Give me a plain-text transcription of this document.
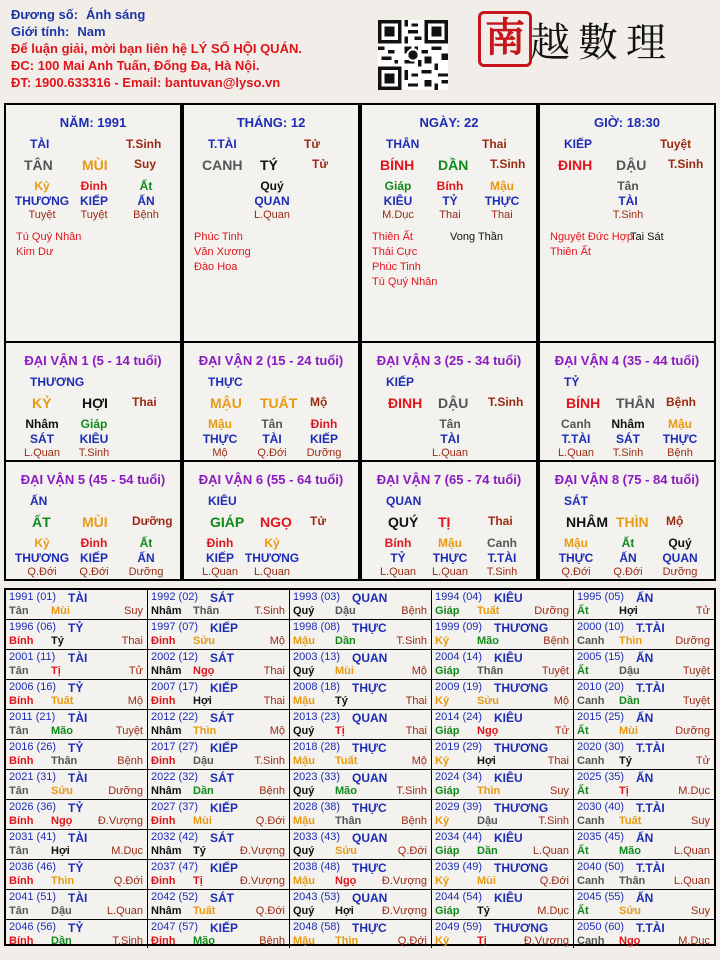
Đương số: Ánh sáng
Giới tính: Nam
Để luận giải, mời bạn liên hệ LÝ SỐ HỘI QUÁN.
ĐC: 100 Mai Anh Tuấn, Đống Đa, Hà Nội.
ĐT: 1900.633316 - Email: bantuvan@lyso.vn
南 越數理
NĂM: 1991
TÀI	T.Sinh
TÂN MÙI Suy
Kỷ	Đinh	Ất
THƯƠNG KIẾP ẤN
Tuyệt Tuyệt Bệnh
Tú Quý Nhân
Kim Dư
THÁNG: 12
T.TÀI	Tử
CANH TÝ	Tử
Quý
QUAN
L.Quan
Phúc Tinh
Văn Xương
Đào Hoa
NGÀY: 22
THÂN	Thai
BÍNH DẦN T.Sinh
Giáp Bính Mậu
KIÊU TỶ THỰC
M.Dục Thai	Thai
Thiên Ất
Thái Cực
Phúc Tinh
Tú Quý Nhân
Vong Thần
GIỜ: 18:30
KIẾP	Tuyệt
ĐINH DẬU T.Sinh
Tân
TÀI
T.Sinh
Nguyệt Đức Hợp
Thiên Ất
Tai Sát
ĐẠI VẬN 1 (5 - 14 tuổi)
THƯƠNG
KỶ HỢI Thai
Nhâm Giáp
SÁT KIÊU
L.Quan T.Sinh
ĐẠI VẬN 2 (15 - 24 tuổi)
THỰC
MẬU TUẤT Mộ
Mậu Tân Đinh
THỰC TÀI KIẾP
Mộ	Q.Đới Dưỡng
ĐẠI VẬN 3 (25 - 34 tuổi)
KIẾP
ĐINH DẬU T.Sinh
Tân
TÀI
L.Quan
ĐẠI VẬN 4 (35 - 44 tuổi)
TỶ
BÍNH THÂN Bệnh
Canh Nhâm Mậu
T.TÀI SÁT THỰC
L.Quan T.Sinh Bệnh
ĐẠI VẬN 5 (45 - 54 tuổi)
ẤN
ẤT MÙI Dưỡng
Kỷ	Đinh	Ất
THƯƠNG KIẾP ẤN
Q.Đới Q.Đới Dưỡng
ĐẠI VẬN 6 (55 - 64 tuổi)
KIÊU
GIÁP NGỌ Tử
Đinh	Kỷ
KIẾP THƯƠNG
L.Quan L.Quan
ĐẠI VẬN 7 (65 - 74 tuổi)
QUAN
QUÝ TỊ	Thai
Bính Mậu Canh
TỶ THỰC T.TÀI
L.Quan L.Quan T.Sinh
ĐẠI VẬN 8 (75 - 84 tuổi)
SÁT
NHÂM THÌN Mộ
Mậu	Ất	Quý
THỰC ẤN QUAN
Q.Đới Q.Đới Dưỡng
1991 (01) TÀI
Tân Mùi	Suy
1992 (02) SÁT
Nhâm Thân	T.Sinh
1993 (03) QUAN
Quý Dậu	Bệnh
1994 (04) KIÊU
Giáp Tuất	Dưỡng
1995 (05) ẤN
Ất	Hợi	Tử
1996 (06) TỶ
Bính Tý	Thai
1997 (07) KIẾP
Đinh Sửu	Mộ
1998 (08) THỰC
Mậu Dần	T.Sinh
1999 (09) THƯƠNG
Kỷ	Mão	Bệnh
2000 (10) T.TÀI
Canh Thìn	Dưỡng
2001 (11) TÀI
Tân Tị	Tử
2002 (12) SÁT
Nhâm Ngọ	Thai
2003 (13) QUAN
Quý Mùi	Mộ
2004 (14) KIÊU
Giáp Thân	Tuyệt
2005 (15) ẤN
Ất	Dậu	Tuyệt
2006 (16) TỶ
Bính Tuất	Mộ
2007 (17) KIẾP
Đinh Hợi	Thai
2008 (18) THỰC
Mậu Tý	Thai
2009 (19) THƯƠNG
Kỷ	Sửu	Mộ
2010 (20) T.TÀI
Canh Dần	Tuyệt
2011 (21) TÀI
Tân Mão	Tuyệt
2012 (22) SÁT
Nhâm Thìn	Mộ
2013 (23) QUAN
Quý Tị	Thai
2014 (24) KIÊU
Giáp Ngọ	Tử
2015 (25) ẤN
Ất	Mùi	Dưỡng
2016 (26) TỶ
Bính Thân	Bệnh
2017 (27) KIẾP
Đinh Dậu	T.Sinh
2018 (28) THỰC
Mậu Tuất	Mộ
2019 (29) THƯƠNG
Kỷ	Hợi	Thai
2020 (30) T.TÀI
Canh Tý	Tử
2021 (31) TÀI
Tân Sửu	Dưỡng
2022 (32) SÁT
Nhâm Dần	Bệnh
2023 (33) QUAN
Quý Mão	T.Sinh
2024 (34) KIÊU
Giáp Thìn	Suy
2025 (35) ẤN
Ất	Tị	M.Dục
2026 (36) TỶ
Bính Ngọ Đ.Vượng
2027 (37) KIẾP
Đinh Mùi	Q.Đới
2028 (38) THỰC
Mậu Thân	Bệnh
2029 (39) THƯƠNG
Kỷ	Dậu	T.Sinh
2030 (40) T.TÀI
Canh Tuất	Suy
2031 (41) TÀI
Tân Hợi	M.Dục
2032 (42) SÁT
Nhâm Tý	Đ.Vượng
2033 (43) QUAN
Quý Sửu	Q.Đới
2034 (44) KIÊU
Giáp Dần	L.Quan
2035 (45) ẤN
Ất	Mão	L.Quan
2036 (46) TỶ
Bính Thìn	Q.Đới
2037 (47) KIẾP
Đinh Tị	Đ.Vượng
2038 (48) THỰC
Mậu Ngọ Đ.Vượng
2039 (49) THƯƠNG
Kỷ	Mùi	Q.Đới
2040 (50) T.TÀI
Canh Thân	L.Quan
2041 (51) TÀI
Tân Dậu	L.Quan
2042 (52) SÁT
Nhâm Tuất	Q.Đới
2043 (53) QUAN
Quý Hợi	Đ.Vượng
2044 (54) KIÊU
Giáp Tý	M.Dục
2045 (55) ẤN
Ất	Sửu	Suy
2046 (56) TỶ
Bính Dần	T.Sinh
2047 (57) KIẾP
Đinh Mão	Bệnh
2048 (58) THỰC
Mậu Thìn	Q.Đới
2049 (59) THƯƠNG
Kỷ	Tị	Đ.Vượng
2050 (60) T.TÀI
Canh Ngọ	M.Dục
